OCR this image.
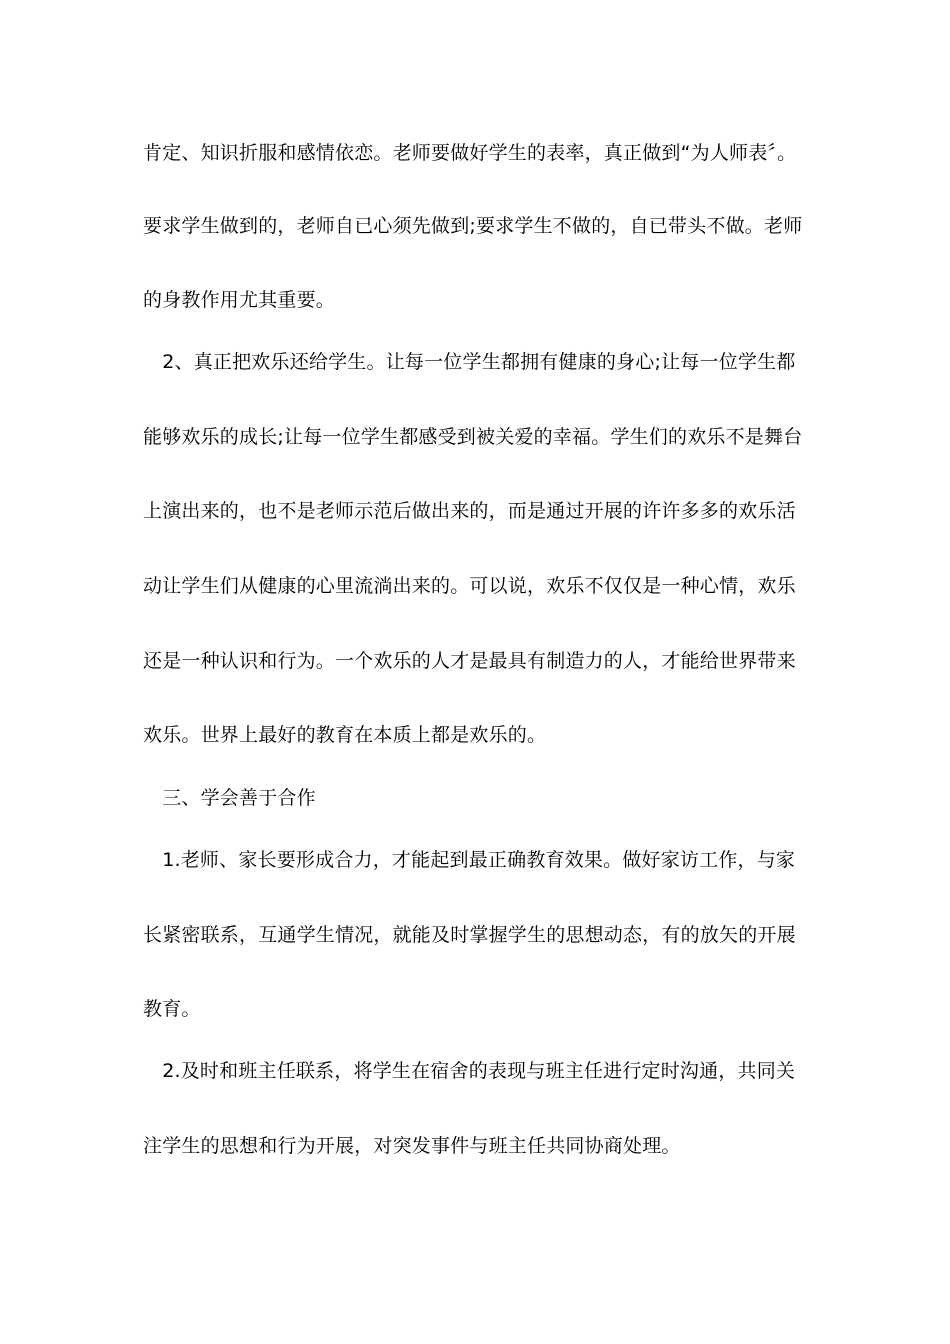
肯定、知识折服和感情依恋。老师要做好学生的表率，真正做到“为人师表〞。
要求学生做到的，老师自已心须先做到;要求学生不做的，自已带头不做。老师
的身教作用尤其重要。
　2、真正把欢乐还给学生。让每一位学生都拥有健康的身心;让每一位学生都
能够欢乐的成长;让每一位学生都感受到被关爱的幸福。学生们的欢乐不是舞台
上演出来的，也不是老师示范后做出来的，而是通过开展的许许多多的欢乐活
动让学生们从健康的心里流淌出来的。可以说，欢乐不仅仅是一种心情，欢乐
还是一种认识和行为。一个欢乐的人才是最具有制造力的人，才能给世界带来
欢乐。世界上最好的教育在本质上都是欢乐的。
　三、学会善于合作
　1.老师、家长要形成合力，才能起到最正确教育效果。做好家访工作，与家
长紧密联系，互通学生情况，就能及时掌握学生的思想动态，有的放矢的开展
教育。
　2.及时和班主任联系，将学生在宿舍的表现与班主任进行定时沟通，共同关
注学生的思想和行为开展，对突发事件与班主任共同协商处理。
